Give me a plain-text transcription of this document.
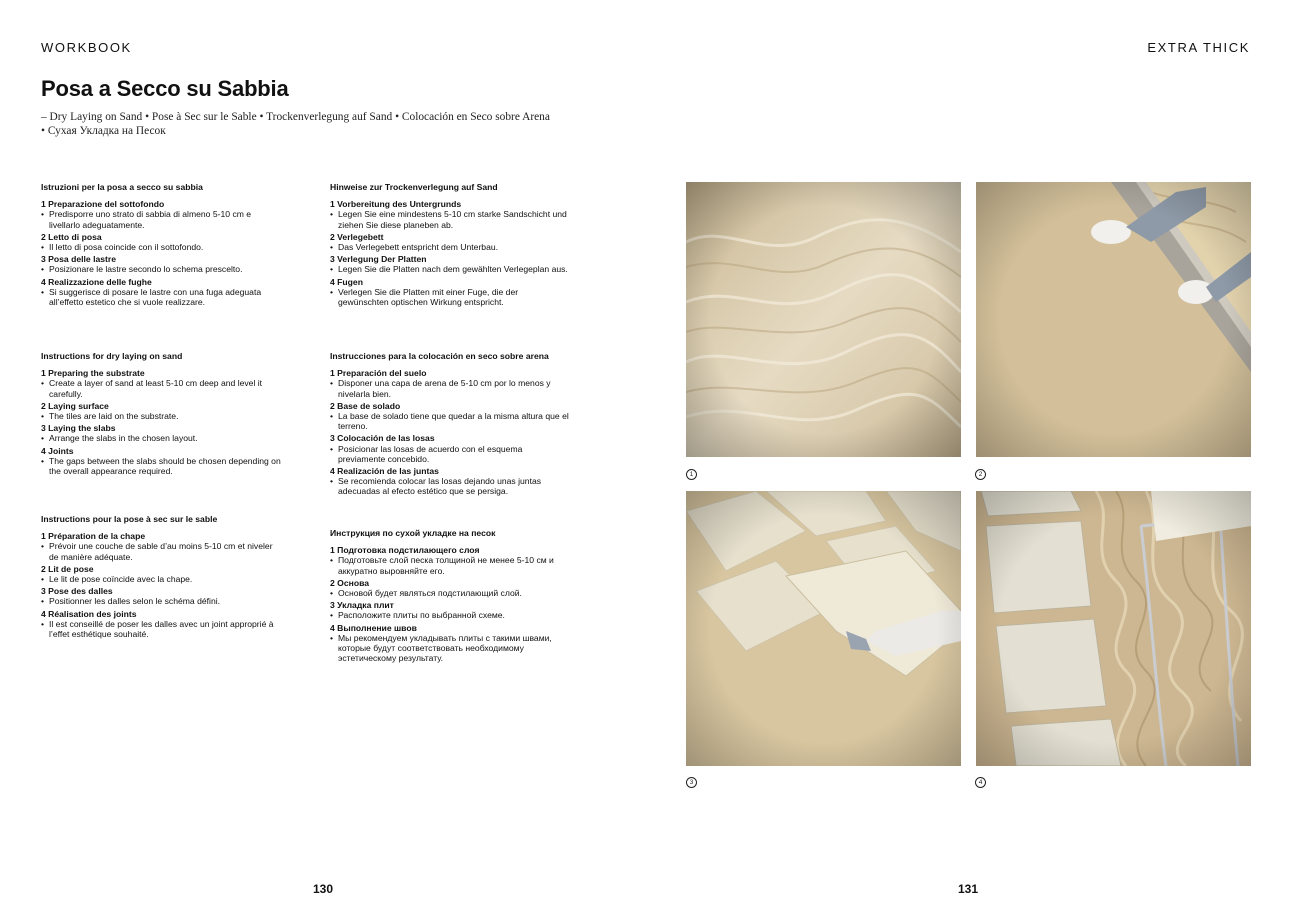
WORKBOOK	EXTRA THICK
Posa a Secco su Sabbia
– Dry Laying on Sand • Pose à Sec sur le Sable • Trockenverlegung auf Sand • Colocación en Seco sobre Arena
• Сухая Укладка на Песок
Istruzioni per la posa a secco su sabbia
1 Preparazione del sottofondo
• Predisporre uno strato di sabbia di almeno 5-10 cm e livellarlo adeguatamente.
2 Letto di posa
• Il letto di posa coincide con il sottofondo.
3 Posa delle lastre
• Posizionare le lastre secondo lo schema prescelto.
4 Realizzazione delle fughe
• Si suggerisce di posare le lastre con una fuga adeguata all’effetto estetico che si vuole realizzare.
Instructions for dry laying on sand
1 Preparing the substrate
• Create a layer of sand at least 5-10 cm deep and level it carefully.
2 Laying surface
• The tiles are laid on the substrate.
3 Laying the slabs
• Arrange the slabs in the chosen layout.
4 Joints
• The gaps between the slabs should be chosen depending on the overall appearance required.
Instructions pour la pose à sec sur le sable
1 Préparation de la chape
• Prévoir une couche de sable d’au moins 5-10 cm et niveler de manière adéquate.
2 Lit de pose
• Le lit de pose coïncide avec la chape.
3 Pose des dalles
• Positionner les dalles selon le schéma défini.
4 Réalisation des joints
• Il est conseillé de poser les dalles avec un joint approprié à l’effet esthétique souhaité.
Hinweise zur Trockenverlegung auf Sand
1 Vorbereitung des Untergrunds
• Legen Sie eine mindestens 5-10 cm starke Sandschicht und ziehen Sie diese planeben ab.
2 Verlegebett
• Das Verlegebett entspricht dem Unterbau.
3 Verlegung Der Platten
• Legen Sie die Platten nach dem gewählten Verlegeplan aus.
4 Fugen
• Verlegen Sie die Platten mit einer Fuge, die der gewünschten optischen Wirkung entspricht.
Instrucciones para la colocación en seco sobre arena
1 Preparación del suelo
• Disponer una capa de arena de 5-10 cm por lo menos y nivelarla bien.
2 Base de solado
• La base de solado tiene que quedar a la misma altura que el terreno.
3 Colocación de las losas
• Posicionar las losas de acuerdo con el esquema previamente concebido.
4 Realización de las juntas
• Se recomienda colocar las losas dejando unas juntas adecuadas al efecto estético que se persiga.
Инструкция по сухой укладке на песок
1 Подготовка подстилающего слоя
• Подготовьте слой песка толщиной не менее 5-10 см и аккуратно выровняйте его.
2 Основа
• Основой будет являться подстилающий слой.
3 Укладка плит
• Расположите плиты по выбранной схеме.
4 Выполнение швов
• Мы рекомендуем укладывать плиты с такими швами, которые будут соответствовать необходимому эстетическому результату.
1	2
3	4
130	131
